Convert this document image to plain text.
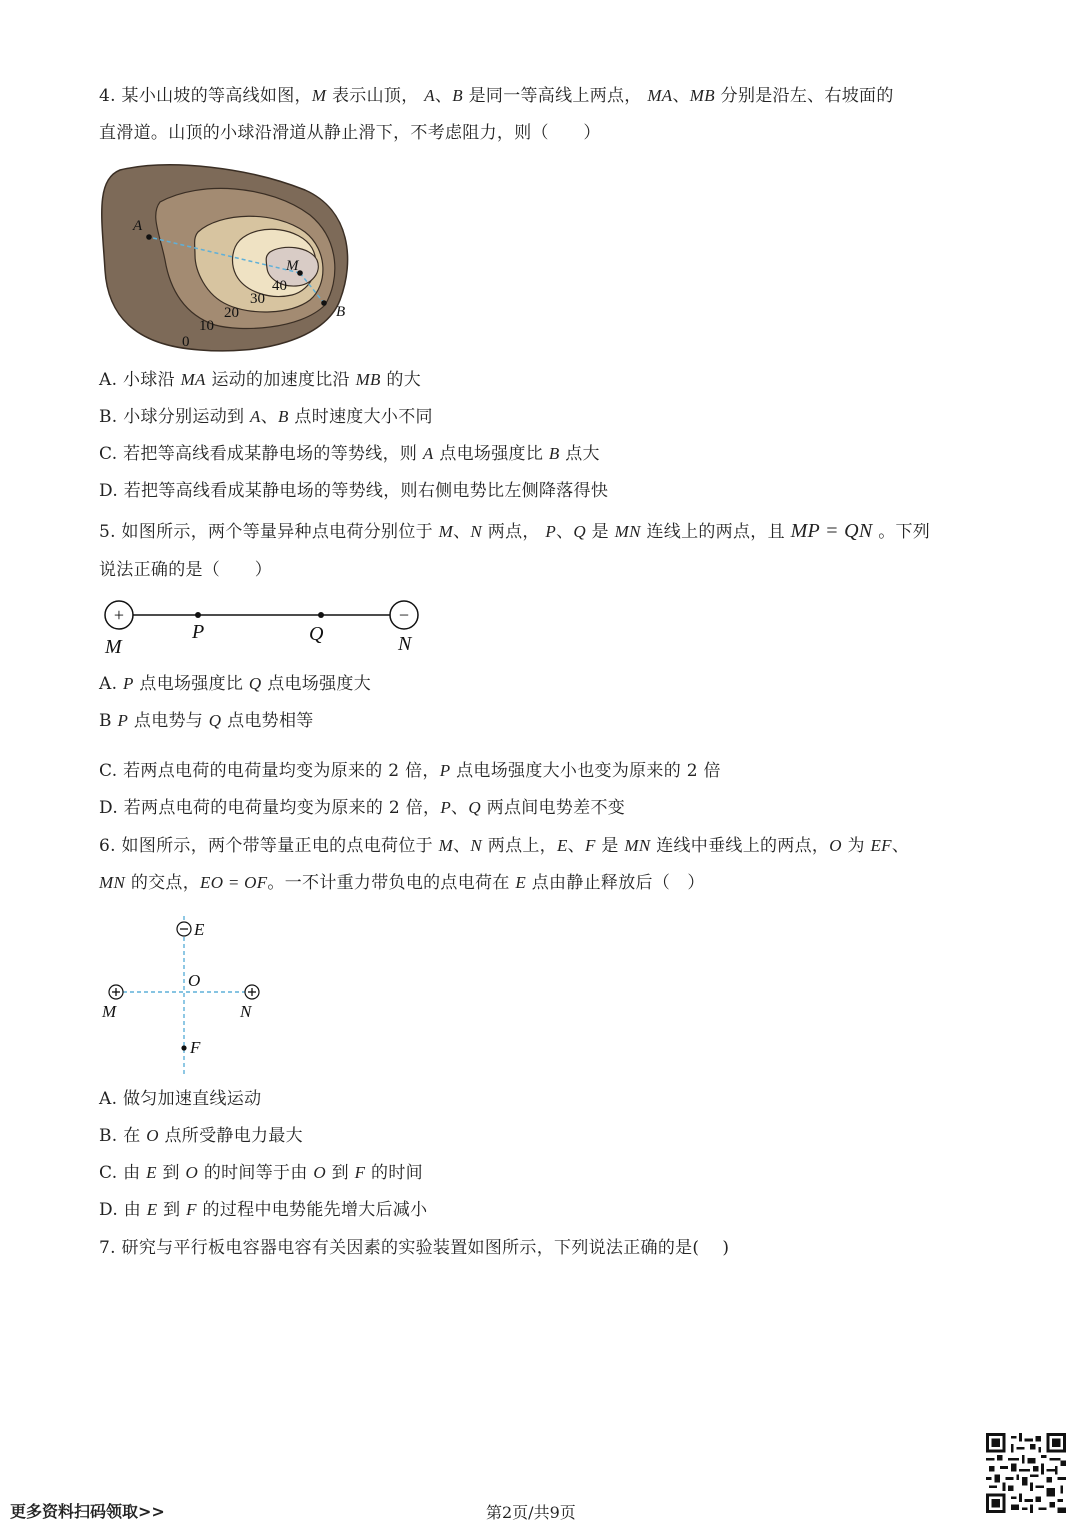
4. 某小山坡的等高线如图，M 表示山顶， A、B 是同一等高线上两点， MA、MB 分别是沿左、右坡面的
直滑道。山顶的小球沿滑道从静止滑下，不考虑阻力，则（　　）
A
M
B
0
10
20
30
40
A. 小球沿 MA 运动的加速度比沿 MB 的大
B. 小球分别运动到 A、B 点时速度大小不同
C. 若把等高线看成某静电场的等势线，则 A 点电场强度比 B 点大
D. 若把等高线看成某静电场的等势线，则右侧电势比左侧降落得快
5. 如图所示，两个等量异种点电荷分别位于 M、N 两点， P、Q 是 MN 连线上的两点，且 MP = QN 。下列
说法正确的是（　　）
+	−
M
P	Q	N
A. P 点电场强度比 Q 点电场强度大
B P 点电势与 Q 点电势相等
C. 若两点电荷的电荷量均变为原来的 2 倍，P 点电场强度大小也变为原来的 2 倍
D. 若两点电荷的电荷量均变为原来的 2 倍，P、Q 两点间电势差不变
6. 如图所示，两个带等量正电的点电荷位于 M、N 两点上，E、F 是 MN 连线中垂线上的两点，O 为 EF、
MN 的交点，EO = OF。一不计重力带负电的点电荷在 E 点由静止释放后（　）
E
O
M	N
F
A. 做匀加速直线运动
B. 在 O 点所受静电力最大
C. 由 E 到 O 的时间等于由 O 到 F 的时间
D. 由 E 到 F 的过程中电势能先增大后减小
7. 研究与平行板电容器电容有关因素的实验装置如图所示，下列说法正确的是(　 )
更多资料扫码领取>>	第2页/共9页
